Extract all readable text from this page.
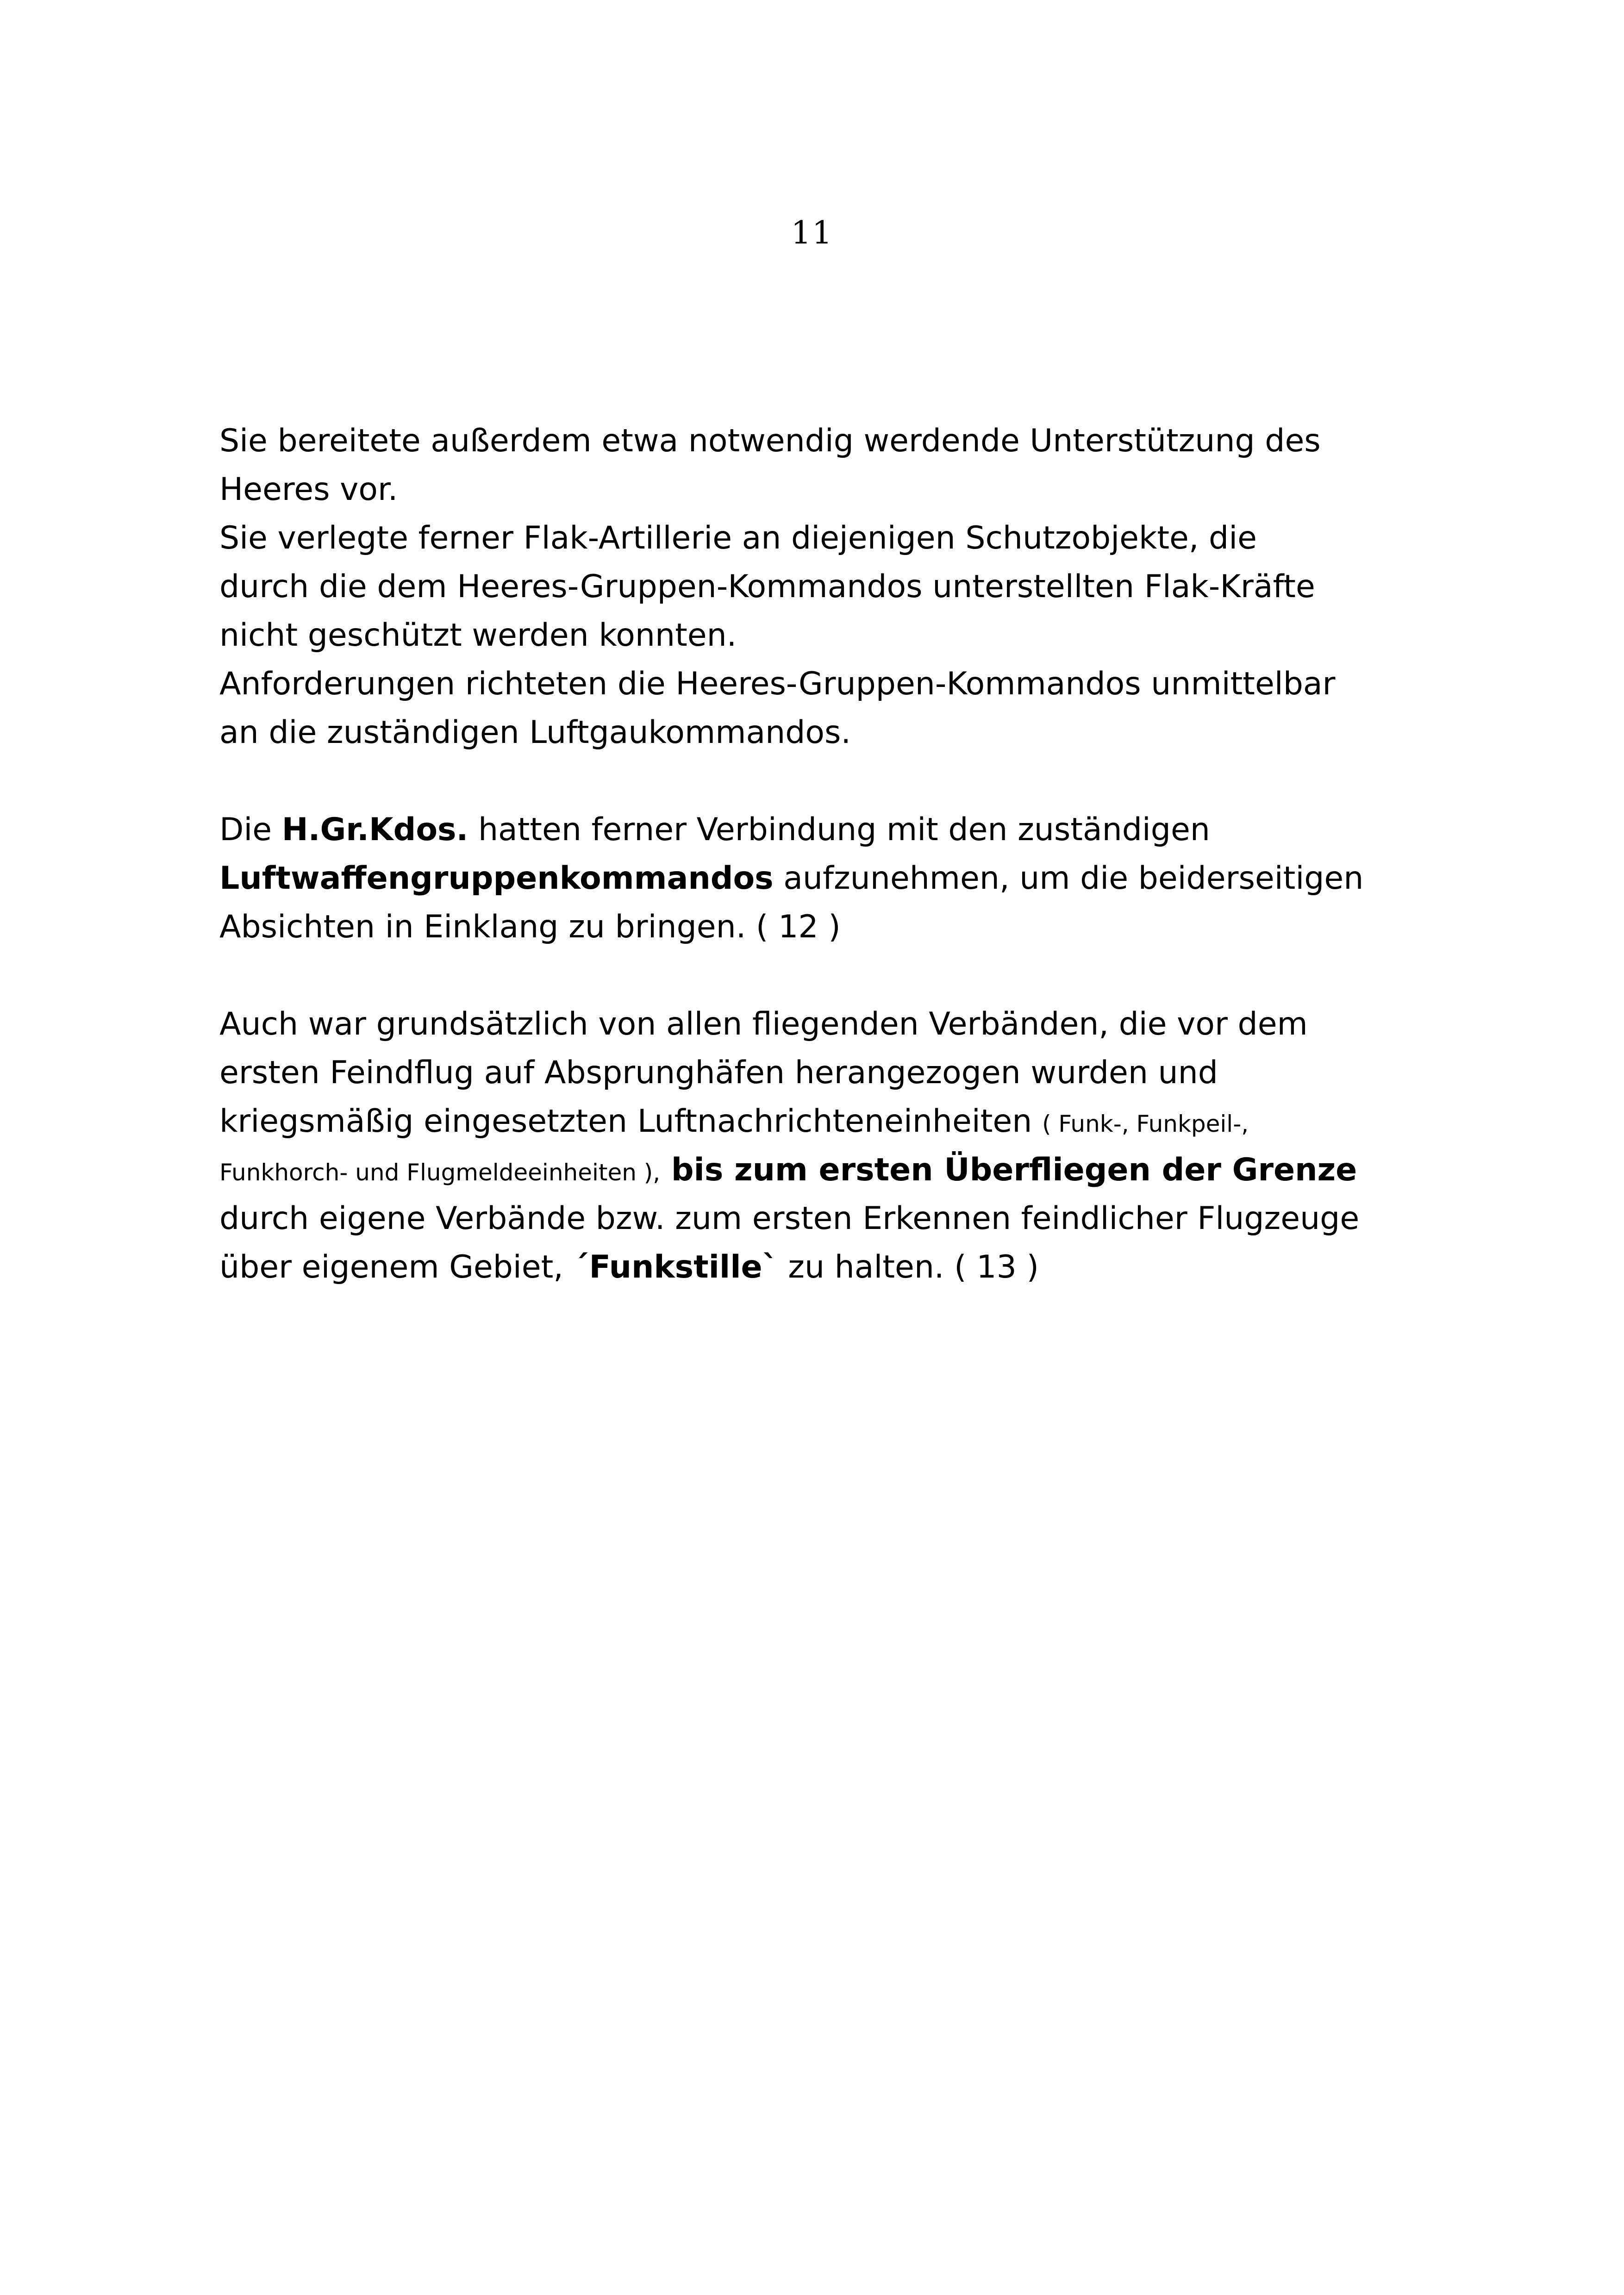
11
Sie bereitete außerdem etwa notwendig werdende Unterstützung des
Heeres vor.
Sie verlegte ferner Flak-Artillerie an diejenigen Schutzobjekte, die
durch die dem Heeres-Gruppen-Kommandos unterstellten Flak-Kräfte
nicht geschützt werden konnten.
Anforderungen richteten die Heeres-Gruppen-Kommandos unmittelbar
an die zuständigen Luftgaukommandos.
Die H.Gr.Kdos. hatten ferner Verbindung mit den zuständigen
Luftwaffengruppenkommandos aufzunehmen, um die beiderseitigen
Absichten in Einklang zu bringen. ( 12 )
Auch war grundsätzlich von allen fliegenden Verbänden, die vor dem
ersten Feindflug auf Absprunghäfen herangezogen wurden und
kriegsmäßig eingesetzten Luftnachrichteneinheiten ( Funk-, Funkpeil-,
Funkhorch- und Flugmeldeeinheiten ), bis zum ersten Überfliegen der Grenze
durch eigene Verbände bzw. zum ersten Erkennen feindlicher Flugzeuge
über eigenem Gebiet, ´Funkstille` zu halten. ( 13 )
